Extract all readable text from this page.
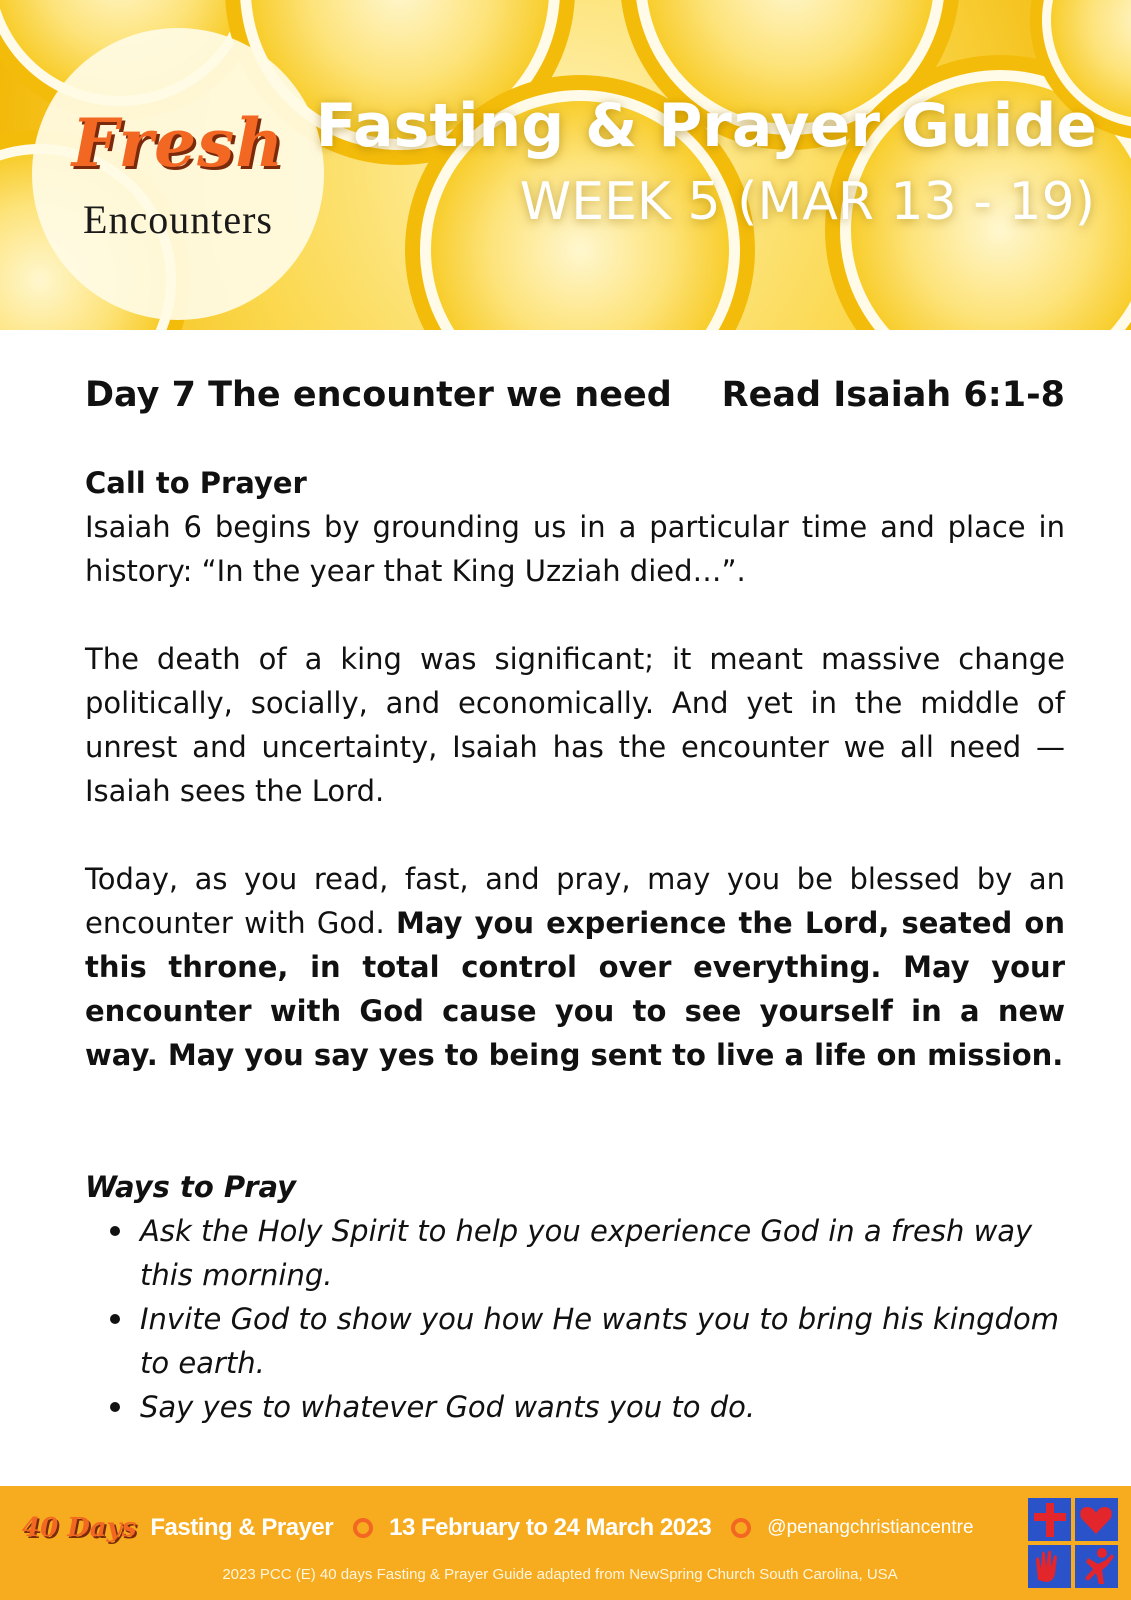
Fresh
Encounters
Fasting & Prayer Guide
WEEK 5 (MAR 13 - 19)
Day 7 The encounter we need Read Isaiah 6:1-8
Call to Prayer

Isaiah 6 begins by grounding us in a particular time and place in history: “In the year that King Uzziah died…”.

The death of a king was significant; it meant massive change politically, socially, and economically. And yet in the middle of unrest and uncertainty, Isaiah has the encounter we all need — Isaiah sees the Lord.

Today, as you read, fast, and pray, may you be blessed by an encounter with God. May you experience the Lord, seated on this throne, in total control over everything. May your encounter with God cause you to see yourself in a new way. May you say yes to being sent to live a life on mission.

Ways to Pray
Ask the Holy Spirit to help you experience God in a fresh way this morning.
Invite God to show you how He wants you to bring his kingdom to earth.
Say yes to whatever God wants you to do.
40 Days Fasting & Prayer 13 February to 24 March 2023	@penangchristiancentre
2023 PCC (E) 40 days Fasting & Prayer Guide adapted from NewSpring Church South Carolina, USA
